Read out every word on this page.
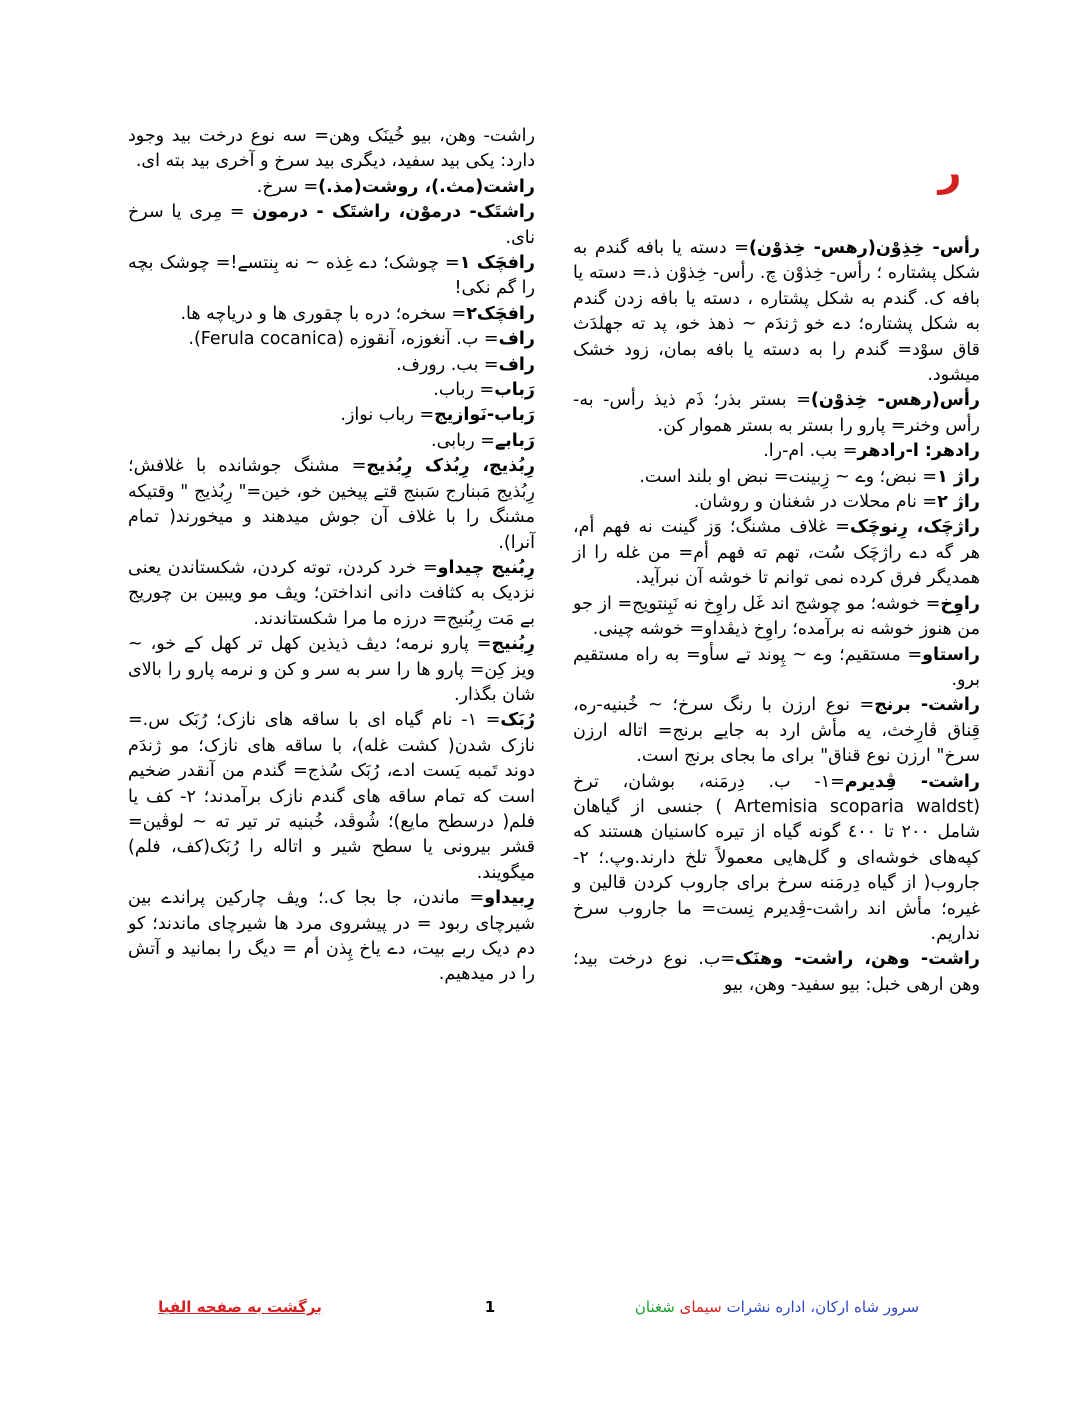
ر

رأس- خِذِوْن(رهس- خِذوْن)= دسته یا بافه گندم به شکل پشتاره ؛ رأس- خِذوْن چ. رأس- خِذوْن ذ.= دسته یا بافه ک. گندم به شکل پشتاره ، دسته یا بافه زدن گندم به شکل پشتاره؛ دے خو ژندَم ~ ذهذ خو، پد ته جهلدَث قاق سوْد= گندم را به دسته یا بافه بمان، زود خشک میشود.

رأس(رهس- خِذوْن)= بستر بذر؛ ذَم ذیذ رأس- به- رأس وخنر= پارو را بستر به بستر هموار کن.

رادهر: ا-رادهر= بب. ام-را.

راژ ١= نبض؛ وے ~ زِبینت= نبض او بلند است.

راژ ٢= نام محلات در شغنان و روشان.

راژچَک، رِنوچَک= غلاف مشنگ؛ وَز گینت نه فهم أم، هر گه دے راژچَک سُت، تهم ته فهم أم= من غله را از همدیگر فرق کرده نمی توانم تا خوشه آن نبرآید.

راوِخ= خوشه؛ مو چوشج اند غَل راوِخ نه نَبِنتویج= از جو من هنوز خوشه نه برآمده؛ راوِخ ذیڤداو= خوشه چینی.

راستاو= مستقیم؛ وے ~ پِوند تے سأو= به راه مستقیم برو.

راشت- برنج= نوع ارزن با رنگ سرخ؛ ~ خُبنیه-ره، قِناق ڤارِخث، یه مأش ارد به جایے برنج= اتاله ارزن سرخ" ارزن نوع قناق" برای ما بجای برنج است.

راشت- ڤِدیرم=١- ب. دِرمَنه، بوشان، ترخ (Artemisia scoparia waldst ) جنسی از گیاهان شامل ٢٠٠ تا ٤٠٠ گونه گیاه از تیره کاسنیان هستند که کپه‌های خوشه‌ای و گل‌هایی معمولاً تلخ دارند.وپ.؛ ٢- جاروب( از گیاه دِرمَنه سرخ برای جاروب کردن قالین و غیره؛ مأش اند راشت-ڤِدیرم نِست= ما جاروب سرخ نداریم.

راشت- وهن، راشت- وهنَک=ب. نوع درخت بید؛ وهن ارهی خبل: بیو سفید- وهن، بیو

راشت- وهن، بیو خُینَک وهن= سه نوع درخت بید وجود دارد: یکی بید سفید، دیگری بید سرخ و آخری بید بته ای.

راشت(مث.)، روشت(مذ.)= سرخ.

راشتَک- درموْن، راشتَک - درمون = مِری یا سرخ نای.

رافچَک ١= چوشک؛ دے غِذه ~ نه بِنتسے!= چوشک بچه را گم نکی!

رافچَک٢= سخره؛ دره با چقوری ها و درياچه ها.

راف= ب. آنغوزه، آنقوزه (Ferula cocanica).

راف= بب. رورف.

رَباب= رباب.

رَباب-نَوازیج= رباب نواز.

رَبابے= ربابی.

رِبُذیج، رِبُذک رِبُذیج= مشنگ جوشانده با غلافش؛ رِبُذیج مَبنارج سَبنج قتے پیخین خو، خین=" رِبُذیج " وقتیکه مشنگ را با غلاف آن جوش میدهند و میخورند( تمام آنرا).

رِبُنیج چیداو= خرد کردن، توته کردن، شکستاندن یعنی نزدیک به کثافت دانی انداختن؛ ویڤ مو ویبین بن چوریج بے مَت رِبُنیج= درزه ما مرا شکستاندند.

رِبُنیج= پارو نرمه؛ دیڤ ذیذین کهل تر کهل کے خو، ~ ویز کِن= پارو ها را سر به سر و کن و نرمه پارو را بالای شان بگذار.

رُبَک= ١- نام گیاه ای با ساقه های نازک؛ رُبَک س.= نازک شدن( کشت غله)، با ساقه های نازک؛ مو ژندَم دوند تَمبه یَست ادے، رُبَک سُذج= گندم من آنقدر ضخیم است که تمام ساقه های گندم نازک برآمدند؛ ٢- کف یا فلم( درسطح مایع)؛ شُوڤد، خُبنیه تر تیر ته ~ لوڤین= قشر بیرونی یا سطح شیر و اتاله را رُبَک(کف، فلم) میگویند.

رِبیداو= ماندن، جا بجا ک.؛ ویڤ چارکین پراندے بین شیرچای ربود = در پیشروی مرد ها شیرچای ماندند؛ کو دم دیک ربے بیت، دے یاخ پِذن أم = دیگ را بمانید و آتش را در میدهیم.

سرور شاه ارکان، اداره نشرات سیمای شغنان
1
برگشت به صفحه الفبا
